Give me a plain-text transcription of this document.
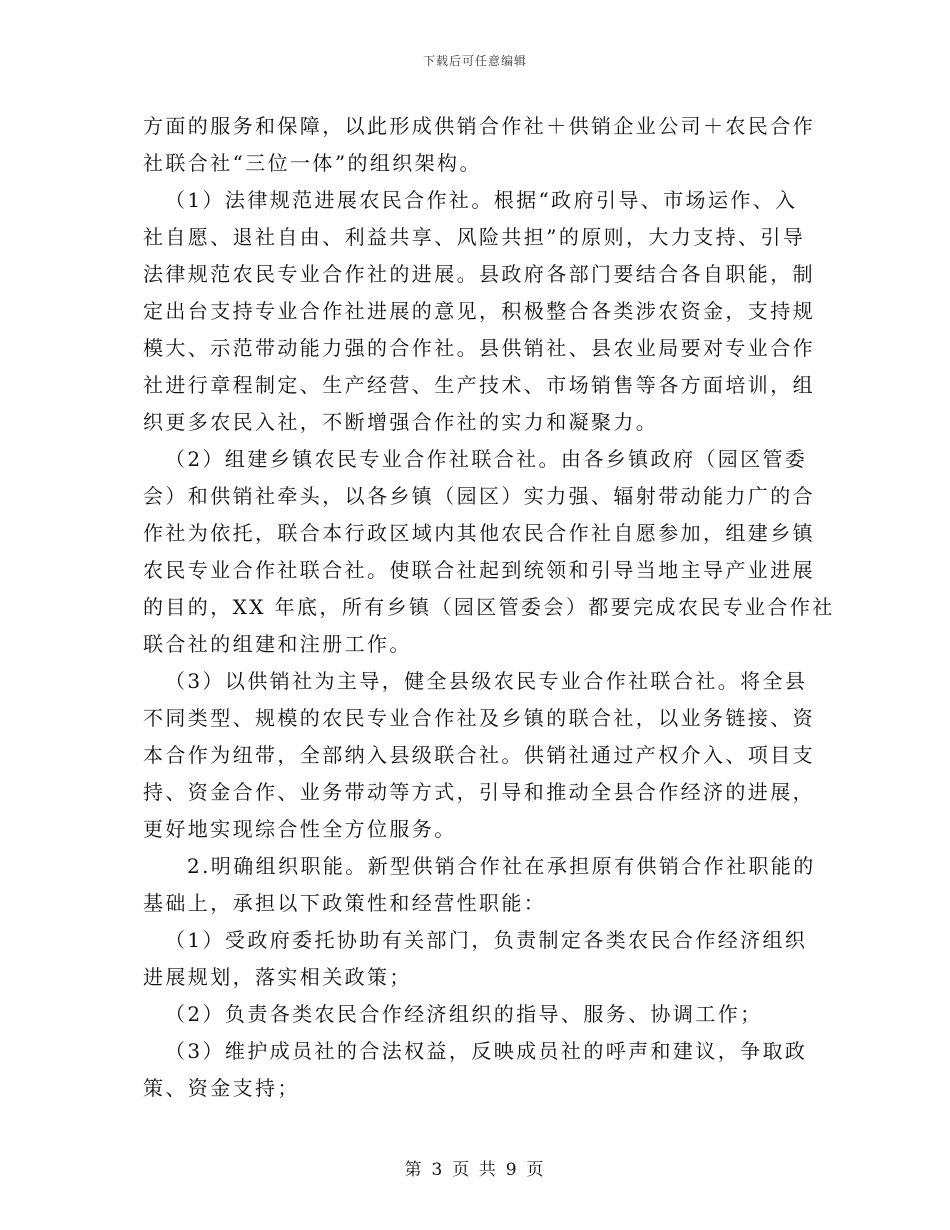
下载后可任意编辑
方面的服务和保障，以此形成供销合作社＋供销企业公司＋农民合作
社联合社“三位一体”的组织架构。
（1）法律规范进展农民合作社。根据“政府引导、市场运作、入
社自愿、退社自由、利益共享、风险共担”的原则，大力支持、引导
法律规范农民专业合作社的进展。县政府各部门要结合各自职能，制
定出台支持专业合作社进展的意见，积极整合各类涉农资金，支持规
模大、示范带动能力强的合作社。县供销社、县农业局要对专业合作
社进行章程制定、生产经营、生产技术、市场销售等各方面培训，组
织更多农民入社，不断增强合作社的实力和凝聚力。
（2）组建乡镇农民专业合作社联合社。由各乡镇政府（园区管委
会）和供销社牵头，以各乡镇（园区）实力强、辐射带动能力广的合
作社为依托，联合本行政区域内其他农民合作社自愿参加，组建乡镇
农民专业合作社联合社。使联合社起到统领和引导当地主导产业进展
的目的，XX 年底，所有乡镇（园区管委会）都要完成农民专业合作社
联合社的组建和注册工作。
（3）以供销社为主导，健全县级农民专业合作社联合社。将全县
不同类型、规模的农民专业合作社及乡镇的联合社，以业务链接、资
本合作为纽带，全部纳入县级联合社。供销社通过产权介入、项目支
持、资金合作、业务带动等方式，引导和推动全县合作经济的进展，
更好地实现综合性全方位服务。
2.明确组织职能。新型供销合作社在承担原有供销合作社职能的
基础上，承担以下政策性和经营性职能：
（1）受政府委托协助有关部门，负责制定各类农民合作经济组织
进展规划，落实相关政策；
（2）负责各类农民合作经济组织的指导、服务、协调工作；
（3）维护成员社的合法权益，反映成员社的呼声和建议，争取政
策、资金支持；
第 3 页 共 9 页
